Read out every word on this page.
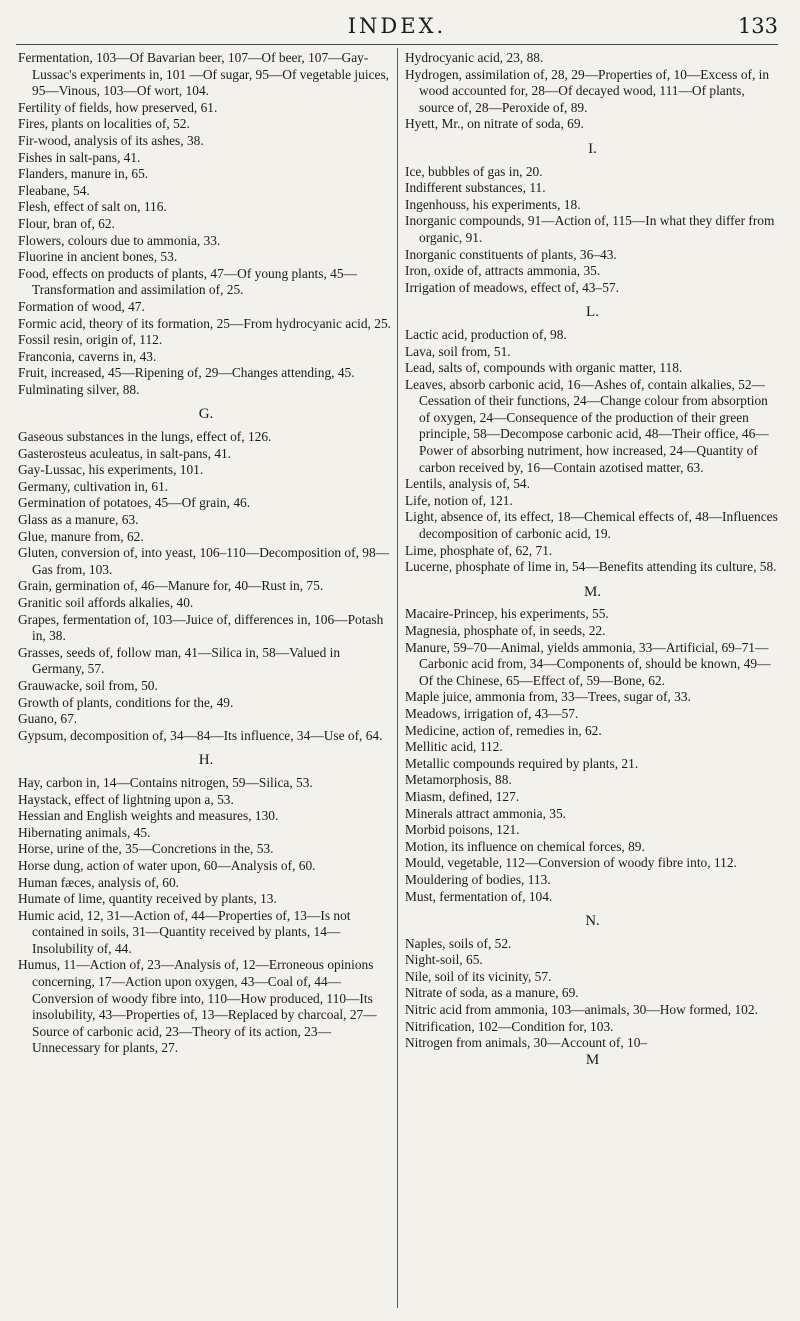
INDEX.	133

Fermentation, 103—Of Bavarian beer, 107—Of beer, 107—Gay-Lussac's experiments in, 101 —Of sugar, 95—Of vegetable juices, 95—Vinous, 103—Of wort, 104.

Fertility of fields, how preserved, 61.

Fires, plants on localities of, 52.

Fir-wood, analysis of its ashes, 38.

Fishes in salt-pans, 41.

Flanders, manure in, 65.

Fleabane, 54.

Flesh, effect of salt on, 116.

Flour, bran of, 62.

Flowers, colours due to ammonia, 33.

Fluorine in ancient bones, 53.

Food, effects on products of plants, 47—Of young plants, 45—Transformation and assimilation of, 25.

Formation of wood, 47.

Formic acid, theory of its formation, 25—From hydrocyanic acid, 25.

Fossil resin, origin of, 112.

Franconia, caverns in, 43.

Fruit, increased, 45—Ripening of, 29—Changes attending, 45.

Fulminating silver, 88.

G.

Gaseous substances in the lungs, effect of, 126.

Gasterosteus aculeatus, in salt-pans, 41.

Gay-Lussac, his experiments, 101.

Germany, cultivation in, 61.

Germination of potatoes, 45—Of grain, 46.

Glass as a manure, 63.

Glue, manure from, 62.

Gluten, conversion of, into yeast, 106–110—Decomposition of, 98—Gas from, 103.

Grain, germination of, 46—Manure for, 40—Rust in, 75.

Granitic soil affords alkalies, 40.

Grapes, fermentation of, 103—Juice of, differences in, 106—Potash in, 38.

Grasses, seeds of, follow man, 41—Silica in, 58—Valued in Germany, 57.

Grauwacke, soil from, 50.

Growth of plants, conditions for the, 49.

Guano, 67.

Gypsum, decomposition of, 34—84—Its influence, 34—Use of, 64.

H.

Hay, carbon in, 14—Contains nitrogen, 59—Silica, 53.

Haystack, effect of lightning upon a, 53.

Hessian and English weights and measures, 130.

Hibernating animals, 45.

Horse, urine of the, 35—Concretions in the, 53.

Horse dung, action of water upon, 60—Analysis of, 60.

Human fæces, analysis of, 60.

Humate of lime, quantity received by plants, 13.

Humic acid, 12, 31—Action of, 44—Properties of, 13—Is not contained in soils, 31—Quantity received by plants, 14—Insolubility of, 44.

Humus, 11—Action of, 23—Analysis of, 12—Erroneous opinions concerning, 17—Action upon oxygen, 43—Coal of, 44—Conversion of woody fibre into, 110—How produced, 110—Its insolubility, 43—Properties of, 13—Replaced by charcoal, 27—Source of carbonic acid, 23—Theory of its action, 23—Unnecessary for plants, 27.

Hydrocyanic acid, 23, 88.

Hydrogen, assimilation of, 28, 29—Properties of, 10—Excess of, in wood accounted for, 28—Of decayed wood, 111—Of plants, source of, 28—Peroxide of, 89.

Hyett, Mr., on nitrate of soda, 69.

I.

Ice, bubbles of gas in, 20.

Indifferent substances, 11.

Ingenhouss, his experiments, 18.

Inorganic compounds, 91—Action of, 115—In what they differ from organic, 91.

Inorganic constituents of plants, 36–43.

Iron, oxide of, attracts ammonia, 35.

Irrigation of meadows, effect of, 43–57.

L.

Lactic acid, production of, 98.

Lava, soil from, 51.

Lead, salts of, compounds with organic matter, 118.

Leaves, absorb carbonic acid, 16—Ashes of, contain alkalies, 52—Cessation of their functions, 24—Change colour from absorption of oxygen, 24—Consequence of the production of their green principle, 58—Decompose carbonic acid, 48—Their office, 46—Power of absorbing nutriment, how increased, 24—Quantity of carbon received by, 16—Contain azotised matter, 63.

Lentils, analysis of, 54.

Life, notion of, 121.

Light, absence of, its effect, 18—Chemical effects of, 48—Influences decomposition of carbonic acid, 19.

Lime, phosphate of, 62, 71.

Lucerne, phosphate of lime in, 54—Benefits attending its culture, 58.

M.

Macaire-Princep, his experiments, 55.

Magnesia, phosphate of, in seeds, 22.

Manure, 59–70—Animal, yields ammonia, 33—Artificial, 69–71—Carbonic acid from, 34—Components of, should be known, 49—Of the Chinese, 65—Effect of, 59—Bone, 62.

Maple juice, ammonia from, 33—Trees, sugar of, 33.

Meadows, irrigation of, 43—57.

Medicine, action of, remedies in, 62.

Mellitic acid, 112.

Metallic compounds required by plants, 21.

Metamorphosis, 88.

Miasm, defined, 127.

Minerals attract ammonia, 35.

Morbid poisons, 121.

Motion, its influence on chemical forces, 89.

Mould, vegetable, 112—Conversion of woody fibre into, 112.

Mouldering of bodies, 113.

Must, fermentation of, 104.

N.

Naples, soils of, 52.

Night-soil, 65.

Nile, soil of its vicinity, 57.

Nitrate of soda, as a manure, 69.

Nitric acid from ammonia, 103—animals, 30—How formed, 102.

Nitrification, 102—Condition for, 103.

Nitrogen from animals, 30—Account of, 10–

M
